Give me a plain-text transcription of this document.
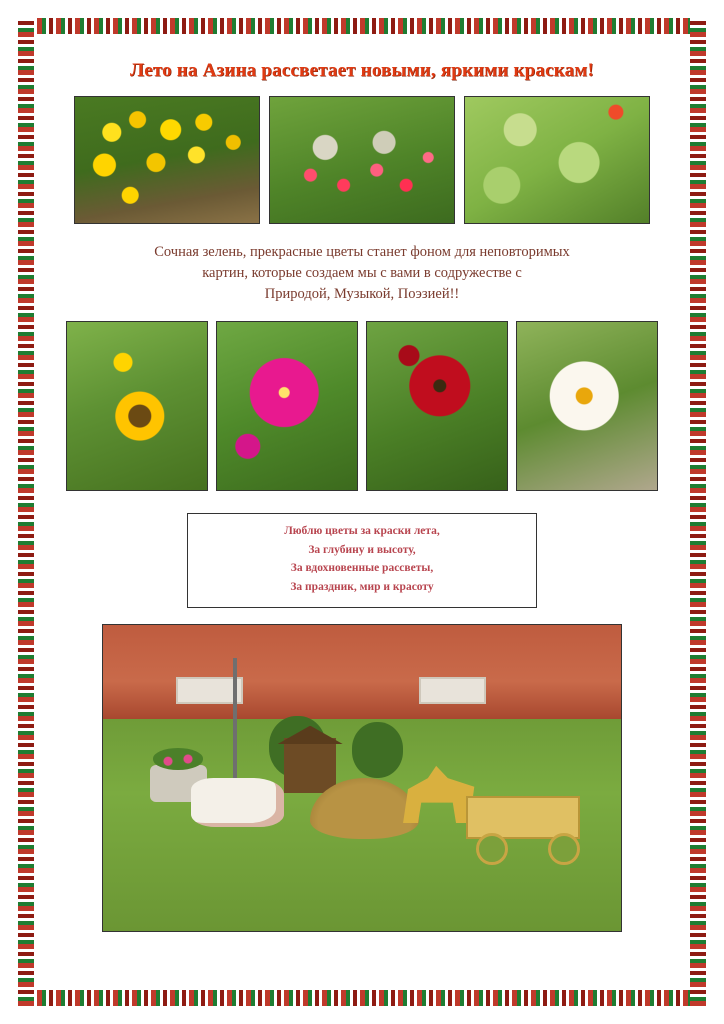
Лето на Азина рассветает новыми, яркими краскам!
Сочная зелень, прекрасные цветы станет фоном для неповторимых
картин, которые создаем мы с вами в содружестве с
Природой, Музыкой, Поэзией!!
Люблю цветы за краски лета,
За глубину и высоту,
За вдохновенные рассветы,
За праздник, мир и красоту
